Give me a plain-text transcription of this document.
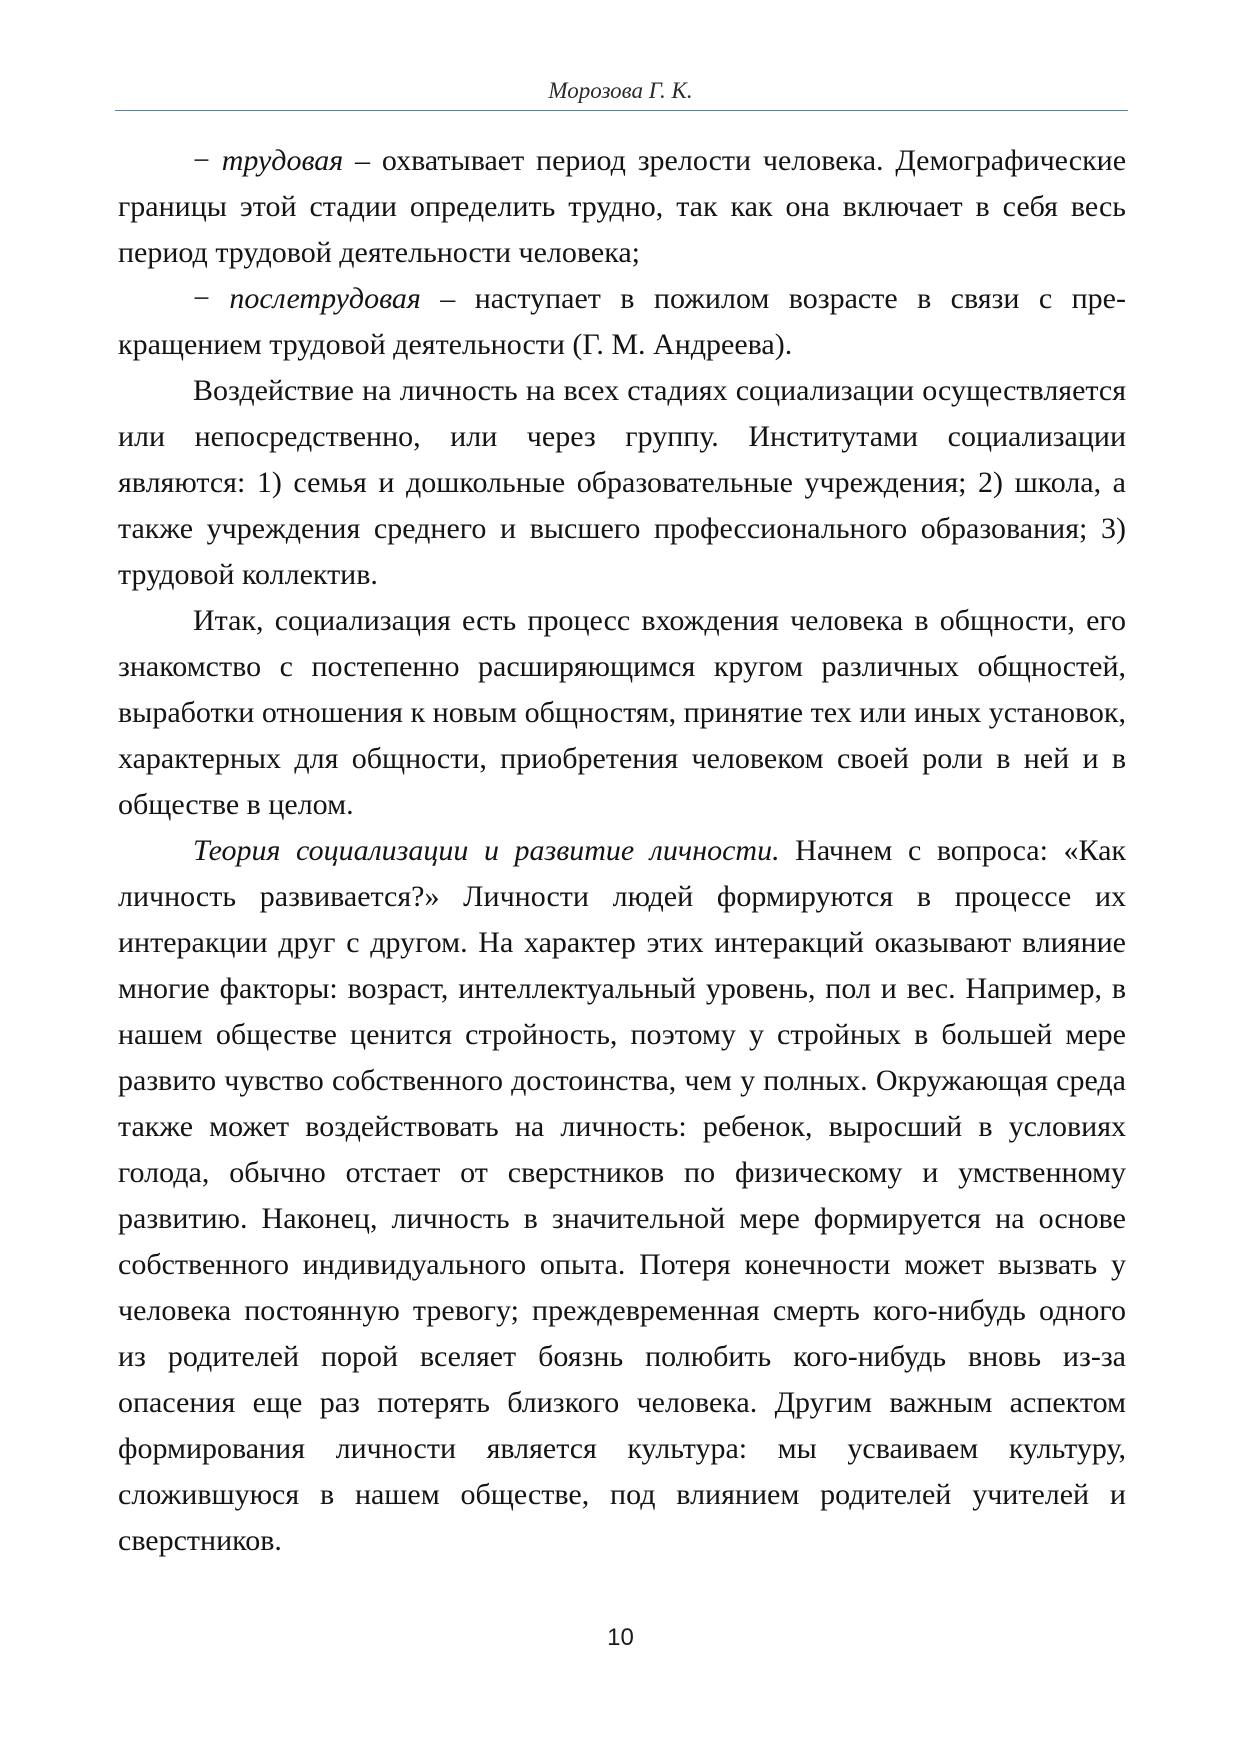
Морозова Г. К.

− трудовая – охватывает период зрелости человека. Демографические границы этой стадии определить трудно, так как она включает в себя весь период трудовой деятельности человека;

− послетрудовая – наступает в пожилом возрасте в связи с прекращением трудовой деятельности (Г. М. Андреева).

Воздействие на личность на всех стадиях социализации осуществляется или непосредственно, или через группу. Институтами социализации являются: 1) семья и дошкольные образовательные учреждения; 2) школа, а также учреждения среднего и высшего профессионального образования; 3) трудовой коллектив.

Итак, социализация есть процесс вхождения человека в общности, его знакомство с постепенно расширяющимся кругом различных общностей, выработки отношения к новым общностям, принятие тех или иных установок, характерных для общности, приобретения человеком своей роли в ней и в обществе в целом.

Теория социализации и развитие личности. Начнем с вопроса: «Как личность развивается?» Личности людей формируются в процессе их интеракции друг с другом. На характер этих интеракций оказывают влияние многие факторы: возраст, интеллектуальный уровень, пол и вес. Например, в нашем обществе ценится стройность, поэтому у стройных в большей мере развито чувство собственного достоинства, чем у полных. Окружающая среда также может воздействовать на личность: ребенок, выросший в условиях голода, обычно отстает от сверстников по физическому и умственному развитию. Наконец, личность в значительной мере формируется на основе собственного индивидуального опыта. Потеря конечности может вызвать у человека постоянную тревогу; преждевременная смерть кого-нибудь одного из родителей порой вселяет боязнь полюбить кого-нибудь вновь из-за опасения еще раз потерять близкого человека. Другим важным аспектом формирования личности является культура: мы усваиваем культуру, сложившуюся в нашем обществе, под влиянием родителей учителей и сверстников.

10
